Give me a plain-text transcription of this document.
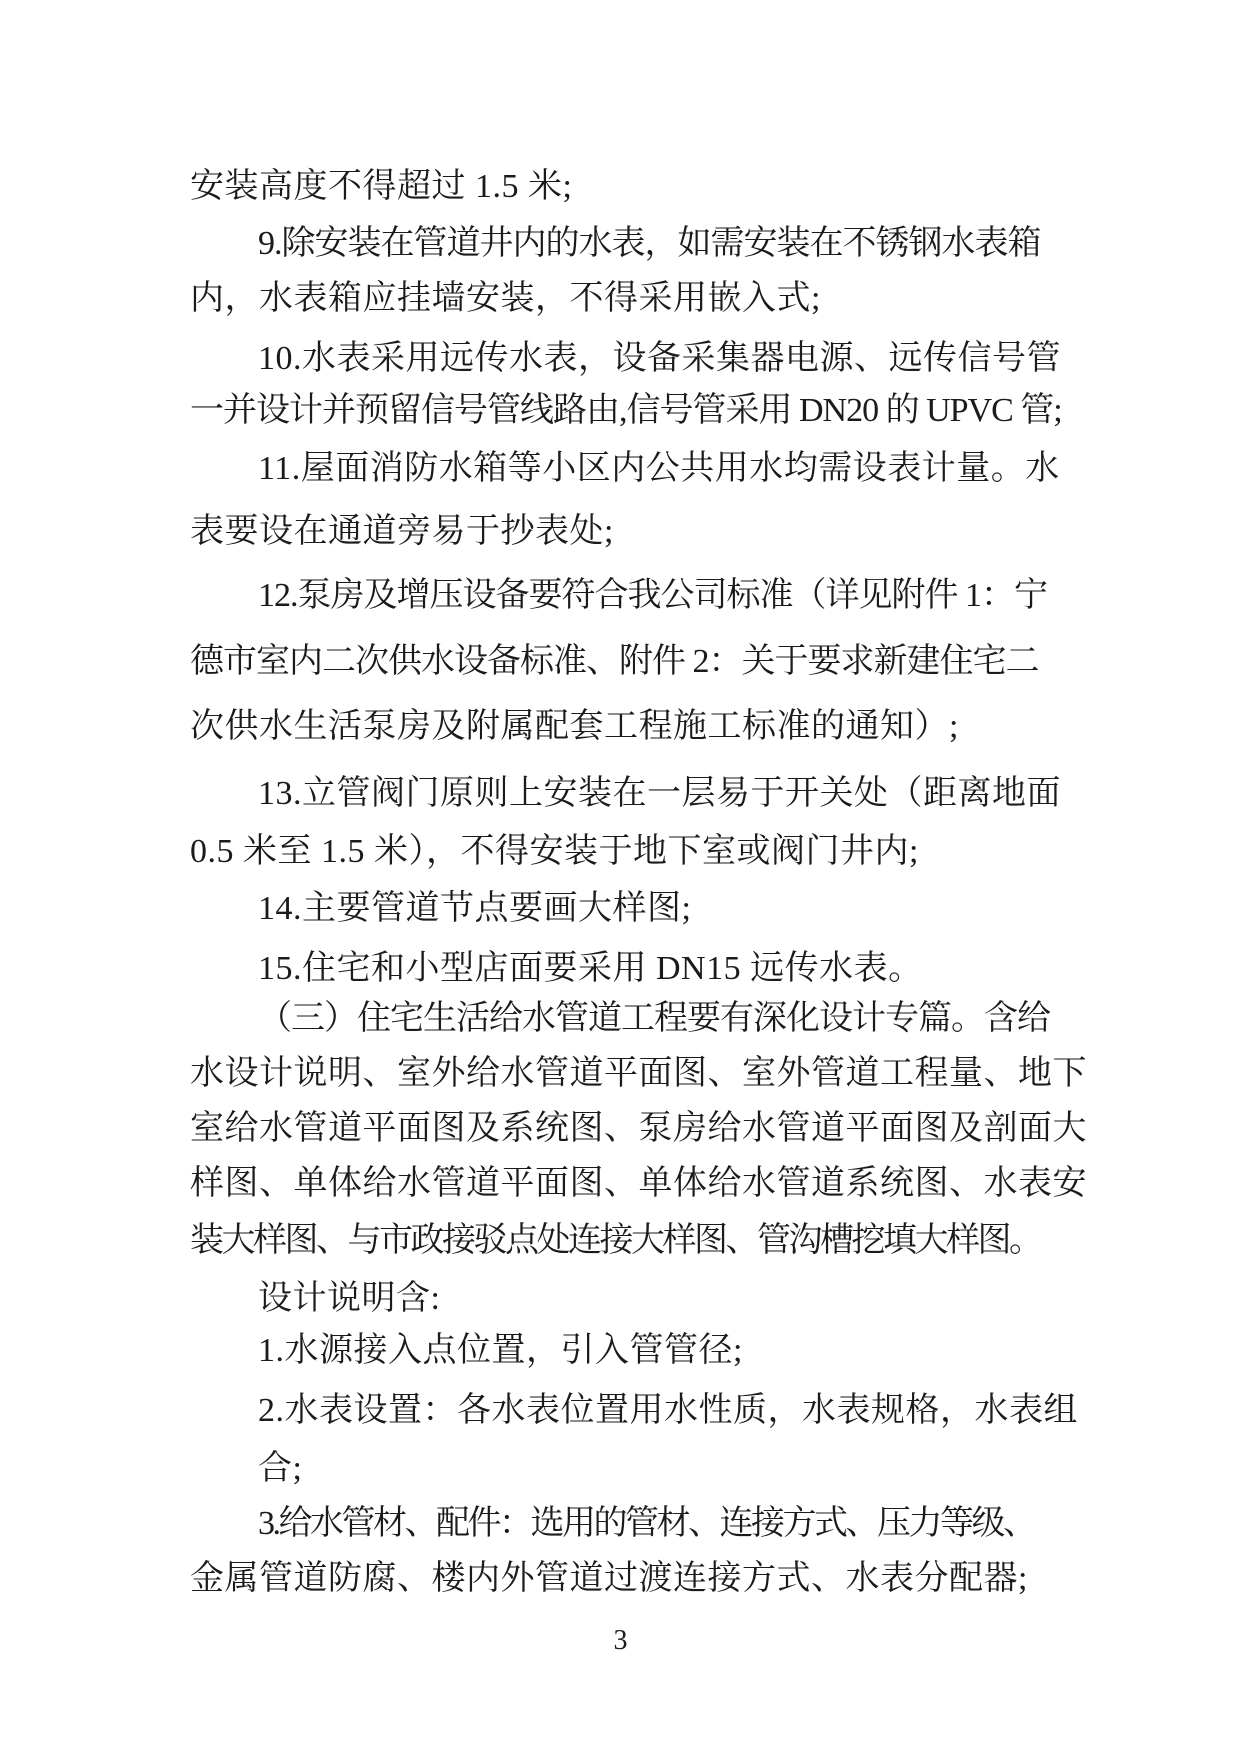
安装高度不得超过 1.5 米;
9.除安装在管道井内的水表，如需安装在不锈钢水表箱
内，水表箱应挂墙安装，不得采用嵌入式;
10.水表采用远传水表，设备采集器电源、远传信号管
一并设计并预留信号管线路由,信号管采用 DN20 的 UPVC 管;
11.屋面消防水箱等小区内公共用水均需设表计量。水
表要设在通道旁易于抄表处;
12.泵房及增压设备要符合我公司标准（详见附件 1：宁
德市室内二次供水设备标准、附件 2：关于要求新建住宅二
次供水生活泵房及附属配套工程施工标准的通知）;
13.立管阀门原则上安装在一层易于开关处（距离地面
0.5 米至 1.5 米），不得安装于地下室或阀门井内;
14.主要管道节点要画大样图;
15.住宅和小型店面要采用 DN15 远传水表。
（三）住宅生活给水管道工程要有深化设计专篇。含给
水设计说明、室外给水管道平面图、室外管道工程量、地下
室给水管道平面图及系统图、泵房给水管道平面图及剖面大
样图、单体给水管道平面图、单体给水管道系统图、水表安
装大样图、与市政接驳点处连接大样图、管沟槽挖填大样图。
设计说明含:
1.水源接入点位置，引入管管径;
2.水表设置：各水表位置用水性质，水表规格，水表组
合;
3.给水管材、配件：选用的管材、连接方式、压力等级、
金属管道防腐、楼内外管道过渡连接方式、水表分配器;
3
